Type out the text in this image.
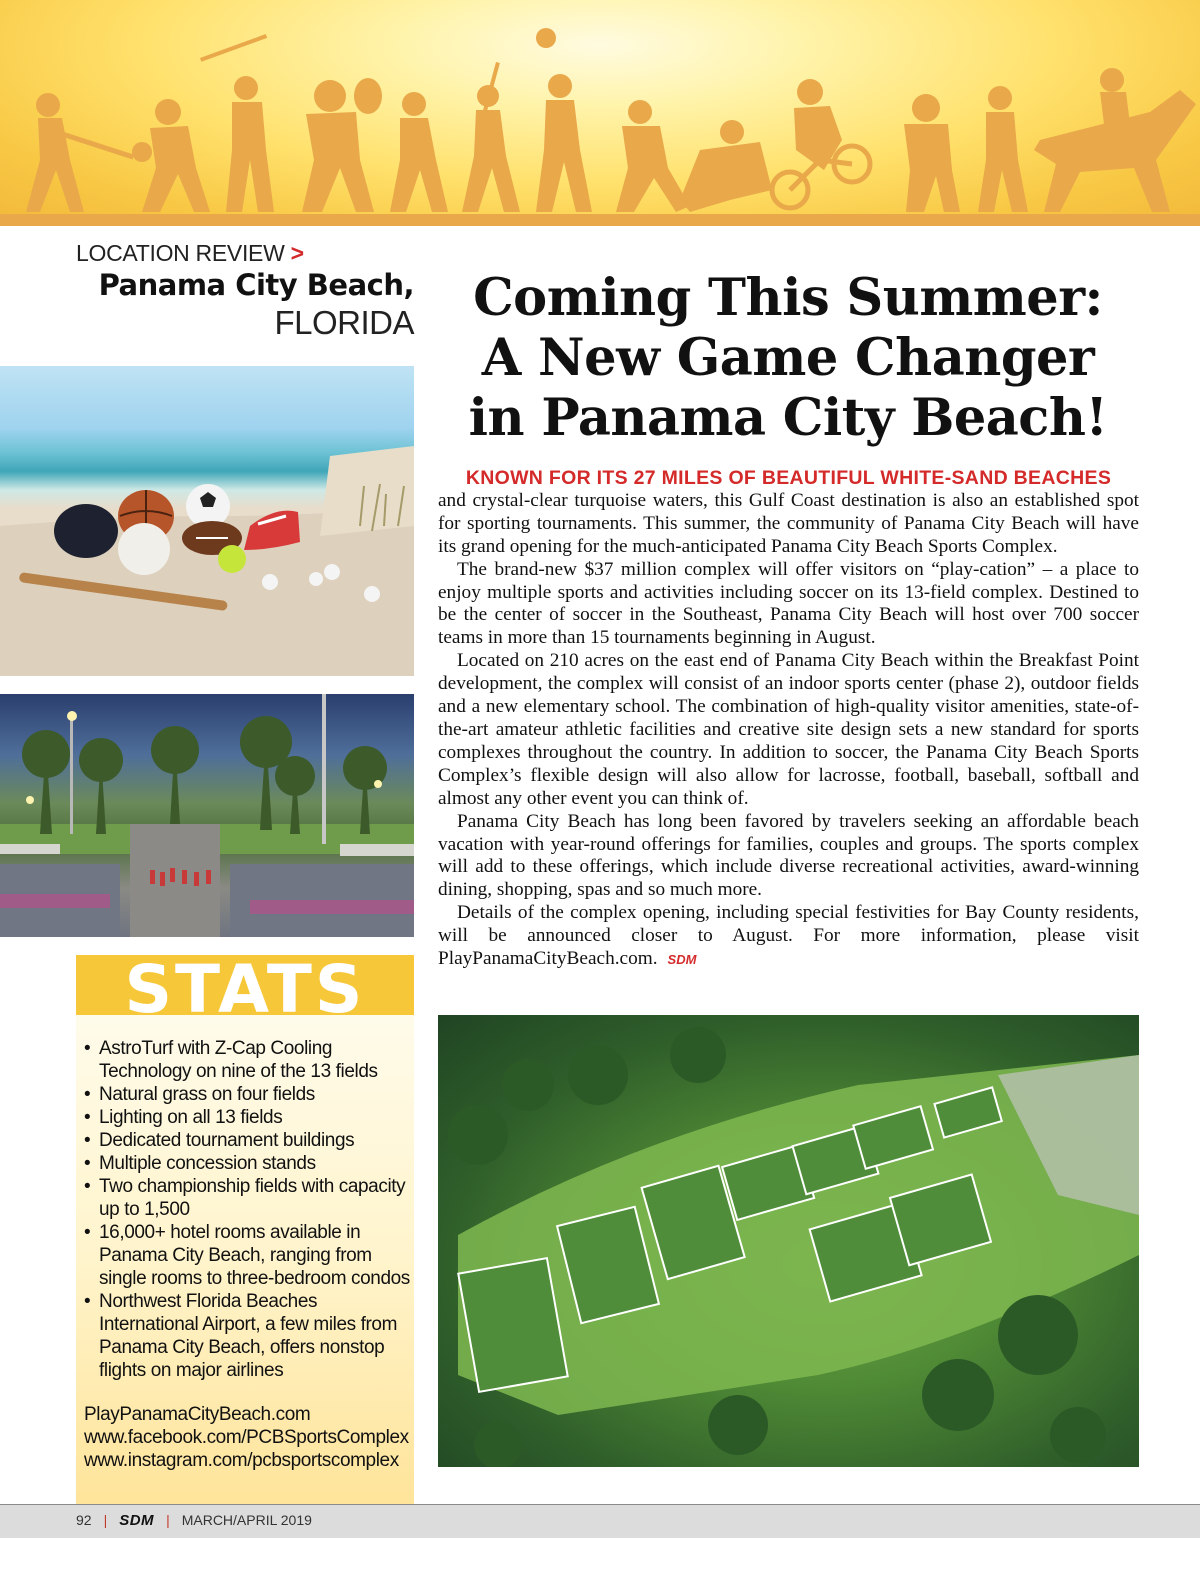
LOCATION REVIEW >
Panama City Beach,
FLORIDA
STATS
• AstroTurf with Z-Cap Cooling Technology on nine of the 13 fields
• Natural grass on four fields
• Lighting on all 13 fields
• Dedicated tournament buildings
• Multiple concession stands
• Two championship fields with capacity up to 1,500
• 16,000+ hotel rooms available in Panama City Beach, ranging from single rooms to three-bedroom condos
• Northwest Florida Beaches International Airport, a few miles from Panama City Beach, offers nonstop flights on major airlines
PlayPanamaCityBeach.com
www.facebook.com/PCBSportsComplex
www.instagram.com/pcbsportscomplex
Coming This Summer:
A New Game Changer
in Panama City Beach!
KNOWN FOR ITS 27 MILES OF BEAUTIFUL WHITE-SAND BEACHES

and crystal-clear turquoise waters, this Gulf Coast destination is also an established spot for sporting tournaments. This summer, the community of Panama City Beach will have its grand opening for the much-anticipated Panama City Beach Sports Complex.

The brand-new $37 million complex will offer visitors on “play-cation” – a place to enjoy multiple sports and activities including soccer on its 13-field complex. Destined to be the center of soccer in the Southeast, Panama City Beach will host over 700 soccer teams in more than 15 tournaments beginning in August.

Located on 210 acres on the east end of Panama City Beach within the Breakfast Point development, the complex will consist of an indoor sports center (phase 2), outdoor fields and a new elementary school. The combination of high-quality visitor amenities, state-of-the-art amateur athletic facilities and creative site design sets a new standard for sports complexes throughout the country. In addition to soccer, the Panama City Beach Sports Complex’s flexible design will also allow for lacrosse, football, baseball, softball and almost any other event you can think of.

Panama City Beach has long been favored by travelers seeking an affordable beach vacation with year-round offerings for families, couples and groups. The sports complex will add to these offerings, which include diverse recreational activities, award-winning dining, shopping, spas and so much more.

Details of the complex opening, including special festivities for Bay County residents, will be announced closer to August. For more information, please visit PlayPanamaCityBeach.com. SDM

92 | SDM | MARCH/APRIL 2019
